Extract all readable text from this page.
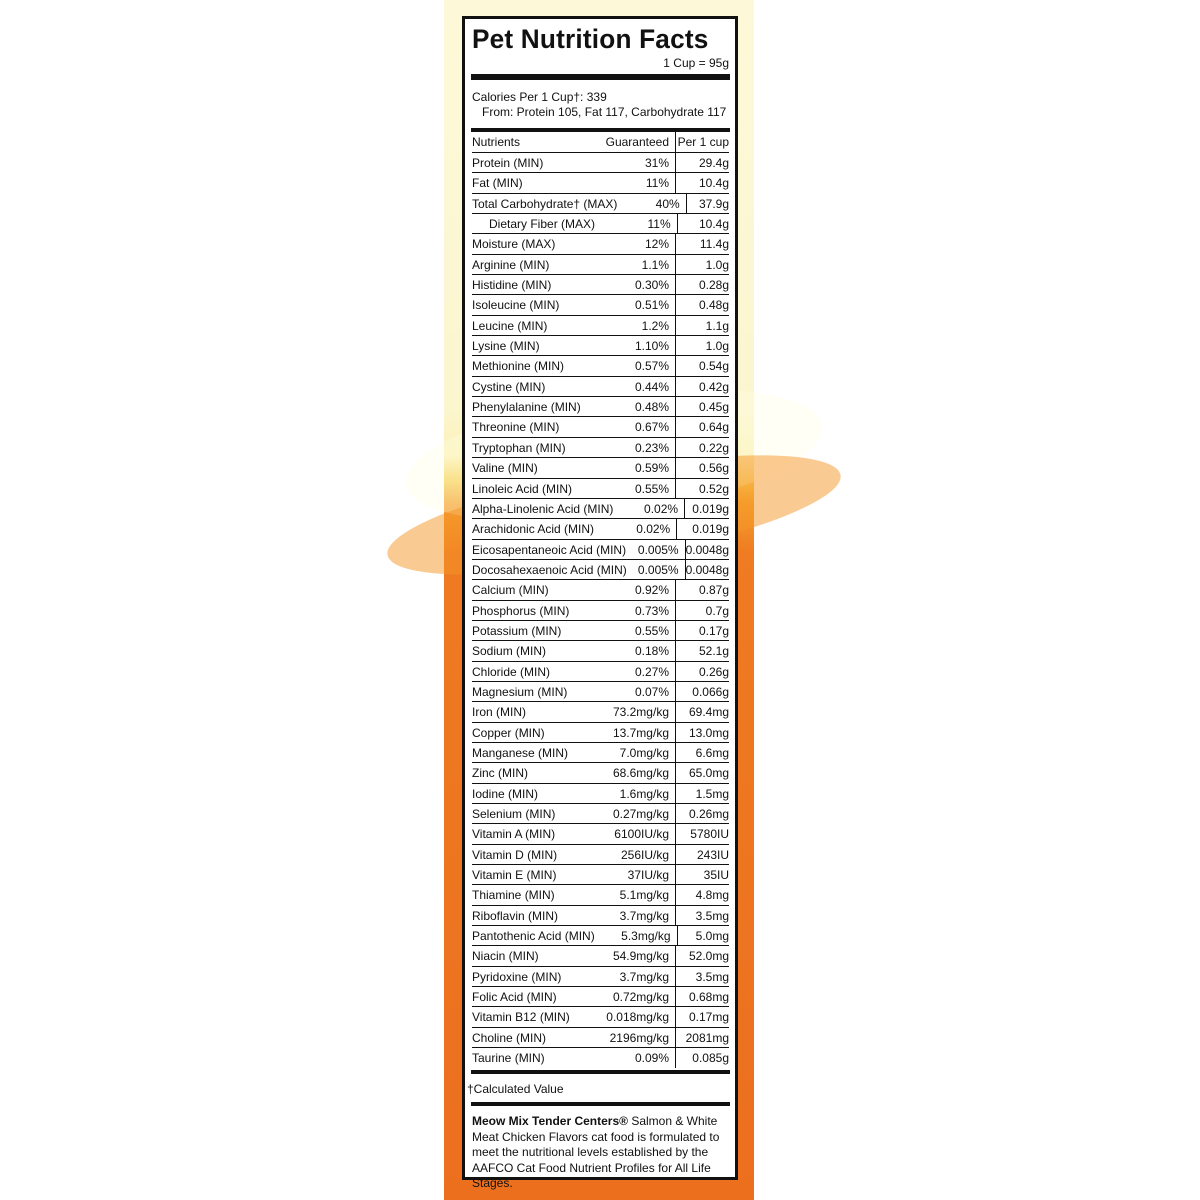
Pet Nutrition Facts
1 Cup = 95g
Calories Per 1 Cup†: 339
From: Protein 105, Fat 117, Carbohydrate 117
Nutrients	Guaranteed Per 1 cup
Protein (MIN)	31%	29.4g
Fat (MIN)	11%	10.4g
Total Carbohydrate† (MAX)	40%	37.9g
Dietary Fiber (MAX)	11%	10.4g
Moisture (MAX)	12%	11.4g
Arginine (MIN)	1.1%	1.0g
Histidine (MIN)	0.30%	0.28g
Isoleucine (MIN)	0.51%	0.48g
Leucine (MIN)	1.2%	1.1g
Lysine (MIN)	1.10%	1.0g
Methionine (MIN)	0.57%	0.54g
Cystine (MIN)	0.44%	0.42g
Phenylalanine (MIN)	0.48%	0.45g
Threonine (MIN)	0.67%	0.64g
Tryptophan (MIN)	0.23%	0.22g
Valine (MIN)	0.59%	0.56g
Linoleic Acid (MIN)	0.55%	0.52g
Alpha-Linolenic Acid (MIN)	0.02%	0.019g
Arachidonic Acid (MIN)	0.02%	0.019g
Eicosapentaneoic Acid (MIN) 0.005% 0.0048g
Docosahexaenoic Acid (MIN) 0.005% 0.0048g
Calcium (MIN)	0.92%	0.87g
Phosphorus (MIN)	0.73%	0.7g
Potassium (MIN)	0.55%	0.17g
Sodium (MIN)	0.18%	52.1g
Chloride (MIN)	0.27%	0.26g
Magnesium (MIN)	0.07%	0.066g
Iron (MIN)	73.2mg/kg	69.4mg
Copper (MIN)	13.7mg/kg	13.0mg
Manganese (MIN)	7.0mg/kg	6.6mg
Zinc (MIN)	68.6mg/kg	65.0mg
Iodine (MIN)	1.6mg/kg	1.5mg
Selenium (MIN)	0.27mg/kg	0.26mg
Vitamin A (MIN)	6100IU/kg	5780IU
Vitamin D (MIN)	256IU/kg	243IU
Vitamin E (MIN)	37IU/kg	35IU
Thiamine (MIN)	5.1mg/kg	4.8mg
Riboflavin (MIN)	3.7mg/kg	3.5mg
Pantothenic Acid (MIN)	5.3mg/kg	5.0mg
Niacin (MIN)	54.9mg/kg	52.0mg
Pyridoxine (MIN)	3.7mg/kg	3.5mg
Folic Acid (MIN)	0.72mg/kg	0.68mg
Vitamin B12 (MIN)	0.018mg/kg	0.17mg
Choline (MIN)	2196mg/kg	2081mg
Taurine (MIN)	0.09%	0.085g
†Calculated Value
Meow Mix Tender Centers® Salmon & White Meat Chicken Flavors cat food is formulated to meet the nutritional levels established by the AAFCO Cat Food Nutrient Profiles for All Life Stages.
